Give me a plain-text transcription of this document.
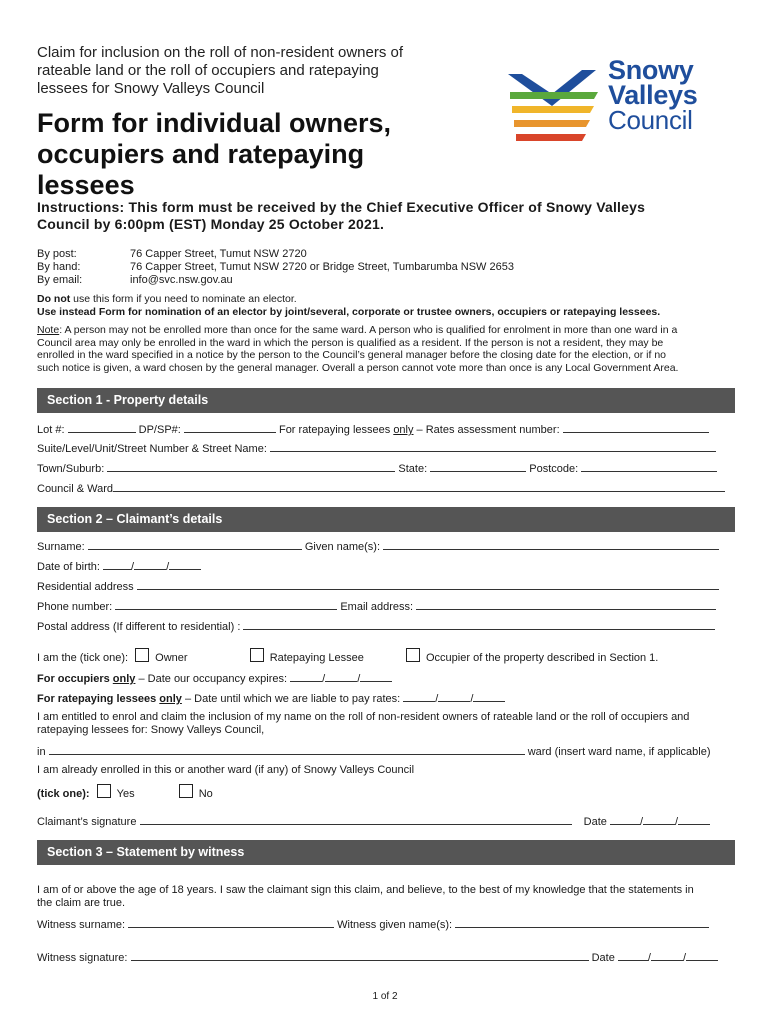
Claim for inclusion on the roll of non-resident owners of
rateable land or the roll of occupiers and ratepaying
lessees for Snowy Valleys Council
Form for individual owners,
occupiers and ratepaying
lessees
Snowy
Valleys
Council
Instructions: This form must be received by the Chief Executive Officer of Snowy Valleys
Council by 6:00pm (EST) Monday 25 October 2021.
By post:	76 Capper Street, Tumut NSW 2720
By hand:	76 Capper Street, Tumut NSW 2720 or Bridge Street, Tumbarumba NSW 2653
By email:	info@svc.nsw.gov.au
Do not use this form if you need to nominate an elector.
Use instead Form for nomination of an elector by joint/several, corporate or trustee owners, occupiers or ratepaying lessees.
Note: A person may not be enrolled more than once for the same ward. A person who is qualified for enrolment in more than one ward in a
Council area may only be enrolled in the ward in which the person is qualified as a resident. If the person is not a resident, they may be
enrolled in the ward specified in a notice by the person to the Council’s general manager before the closing date for the election, or if no
such notice is given, a ward chosen by the general manager. Overall a person cannot vote more than once is any Local Government Area.
Section 1 - Property details
Lot #:	DP/SP#:	For ratepaying lessees only – Rates assessment number:
Suite/Level/Unit/Street Number & Street Name:
Town/Suburb:	State:	Postcode:
Council & Ward
Section 2 – Claimant’s details
Surname:	Given name(s):
Date of birth:	/	/
Residential address
Phone number:	Email address:
Postal address (If different to residential) :
I am the (tick one): Owner	Ratepaying Lessee	Occupier of the property described in Section 1.
For occupiers only – Date our occupancy expires:	/	/
For ratepaying lessees only – Date until which we are liable to pay rates:	/	/
I am entitled to enrol and claim the inclusion of my name on the roll of non-resident owners of rateable land or the roll of occupiers and
ratepaying lessees for: Snowy Valleys Council,
in	ward (insert ward name, if applicable)
I am already enrolled in this or another ward (if any) of Snowy Valleys Council
(tick one): Yes	No
Claimant’s signature	Date	/	/
Section 3 – Statement by witness
I am of or above the age of 18 years. I saw the claimant sign this claim, and believe, to the best of my knowledge that the statements in
the claim are true.
Witness surname:	Witness given name(s):
Witness signature:	Date	/	/
1 of 2
